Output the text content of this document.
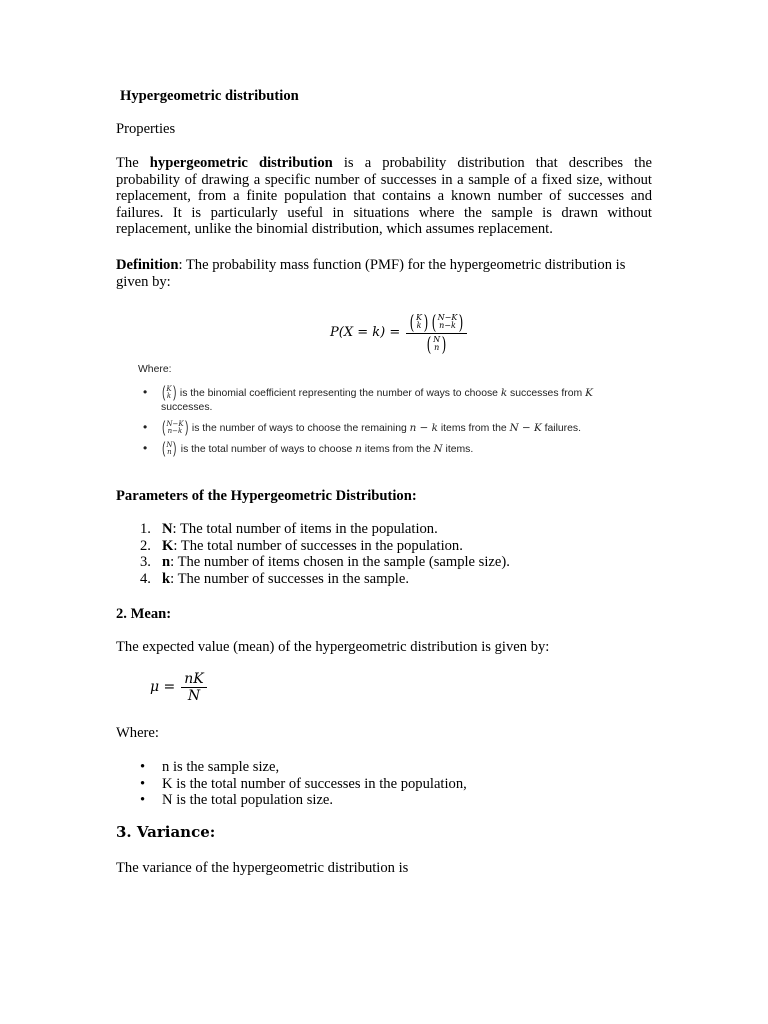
Hypergeometric distribution
Properties

The hypergeometric distribution is a probability distribution that describes the probability of drawing a specific number of successes in a sample of a fixed size, without replacement, from a finite population that contains a known number of successes and failures. It is particularly useful in situations where the sample is drawn without replacement, unlike the binomial distribution, which assumes replacement.

Definition: The probability mass function (PMF) for the hypergeometric distribution is given by:
P(X = k) = ( K
k ) ( N−K
n−k )
( N
n )
Where:
• ( K
k ) is the binomial coefficient representing the number of ways to choose k successes from K
successes.
• ( N−K
n−k ) is the number of ways to choose the remaining n − k items from the N − K failures.
• ( N
n ) is the total number of ways to choose n items from the N items.
Parameters of the Hypergeometric Distribution:
1. N: The total number of items in the population.
2. K: The total number of successes in the population.
3. n: The number of items chosen in the sample (sample size).
4. k: The number of successes in the sample.
2. Mean:
The expected value (mean) of the hypergeometric distribution is given by:
$\mu = \frac{nK}{N}$
Where:
• n is the sample size,
• K is the total number of successes in the population,
• N is the total population size.
3. Variance:
The variance of the hypergeometric distribution is
